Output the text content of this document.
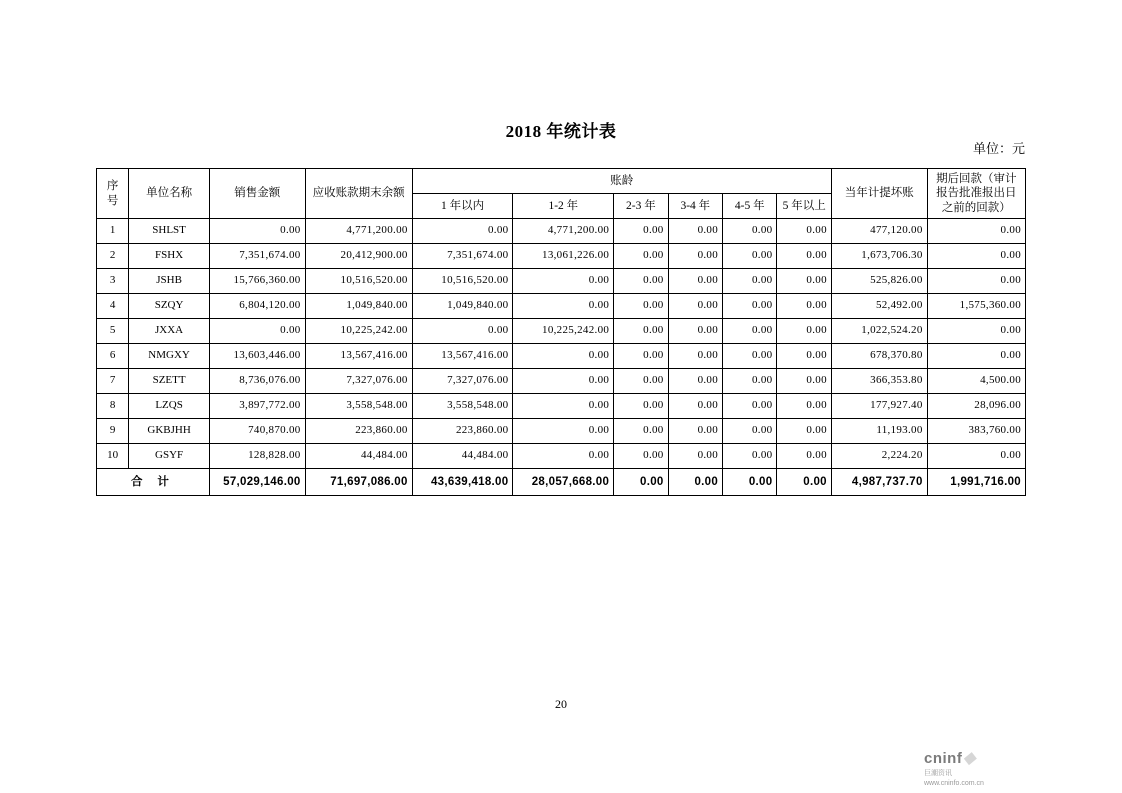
2018 年统计表
单位：元
序
号	单位名称	销售金额	应收账款期末余额	账龄						当年计提坏账	期后回款（审计报告批准报出日之前的回款）
				1 年以内	1-2 年	2-3 年	3-4 年	4-5 年	5 年以上		
1	SHLST	0.00	4,771,200.00	0.00	4,771,200.00	0.00	0.00	0.00	0.00	477,120.00	0.00
2	FSHX	7,351,674.00	20,412,900.00	7,351,674.00	13,061,226.00	0.00	0.00	0.00	0.00	1,673,706.30	0.00
3	JSHB	15,766,360.00	10,516,520.00	10,516,520.00	0.00	0.00	0.00	0.00	0.00	525,826.00	0.00
4	SZQY	6,804,120.00	1,049,840.00	1,049,840.00	0.00	0.00	0.00	0.00	0.00	52,492.00	1,575,360.00
5	JXXA	0.00	10,225,242.00	0.00	10,225,242.00	0.00	0.00	0.00	0.00	1,022,524.20	0.00
6	NMGXY	13,603,446.00	13,567,416.00	13,567,416.00	0.00	0.00	0.00	0.00	0.00	678,370.80	0.00
7	SZETT	8,736,076.00	7,327,076.00	7,327,076.00	0.00	0.00	0.00	0.00	0.00	366,353.80	4,500.00
8	LZQS	3,897,772.00	3,558,548.00	3,558,548.00	0.00	0.00	0.00	0.00	0.00	177,927.40	28,096.00
9	GKBJHH	740,870.00	223,860.00	223,860.00	0.00	0.00	0.00	0.00	0.00	11,193.00	383,760.00
10	GSYF	128,828.00	44,484.00	44,484.00	0.00	0.00	0.00	0.00	0.00	2,224.20	0.00
合 计		57,029,146.00	71,697,086.00	43,639,418.00	28,057,668.00	0.00	0.00	0.00	0.00	4,987,737.70	1,991,716.00
20
cninf◆
巨潮资讯
www.cninfo.com.cn
